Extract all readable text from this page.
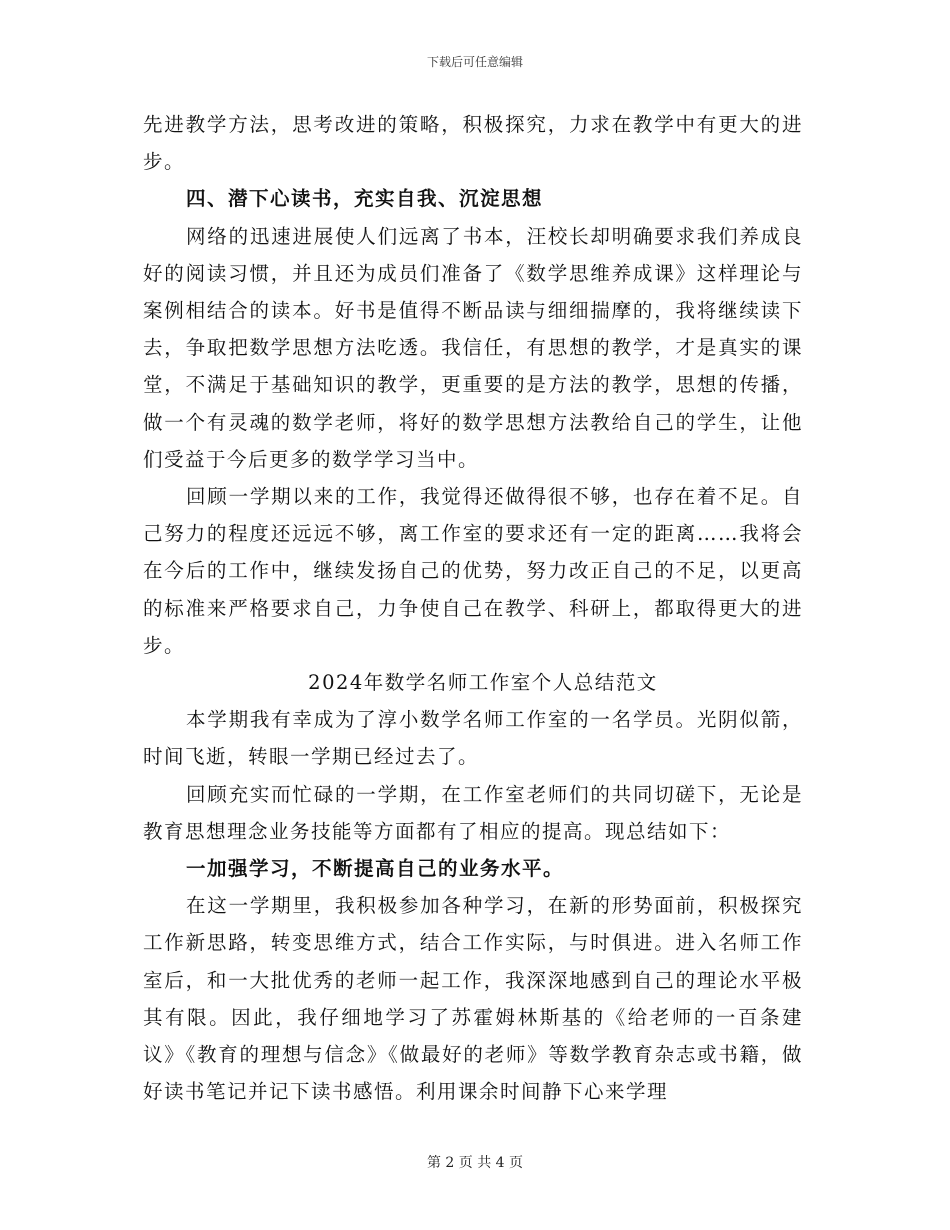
下载后可任意编辑

先进教学方法，思考改进的策略，积极探究，力求在教学中有更大的进步。

四、潜下心读书，充实自我、沉淀思想

网络的迅速进展使人们远离了书本，汪校长却明确要求我们养成良好的阅读习惯，并且还为成员们准备了《数学思维养成课》这样理论与案例相结合的读本。好书是值得不断品读与细细揣摩的，我将继续读下去，争取把数学思想方法吃透。我信任，有思想的教学，才是真实的课堂，不满足于基础知识的教学，更重要的是方法的教学，思想的传播，做一个有灵魂的数学老师，将好的数学思想方法教给自己的学生，让他们受益于今后更多的数学学习当中。

回顾一学期以来的工作，我觉得还做得很不够，也存在着不足。自己努力的程度还远远不够，离工作室的要求还有一定的距离……我将会在今后的工作中，继续发扬自己的优势，努力改正自己的不足，以更高的标准来严格要求自己，力争使自己在教学、科研上，都取得更大的进步。

2024年数学名师工作室个人总结范文

本学期我有幸成为了淳小数学名师工作室的一名学员。光阴似箭，时间飞逝，转眼一学期已经过去了。

回顾充实而忙碌的一学期，在工作室老师们的共同切磋下，无论是教育思想理念业务技能等方面都有了相应的提高。现总结如下：

一加强学习，不断提高自己的业务水平。

在这一学期里，我积极参加各种学习，在新的形势面前，积极探究工作新思路，转变思维方式，结合工作实际，与时俱进。进入名师工作室后，和一大批优秀的老师一起工作，我深深地感到自己的理论水平极其有限。因此，我仔细地学习了苏霍姆林斯基的《给老师的一百条建议》《教育的理想与信念》《做最好的老师》等数学教育杂志或书籍，做好读书笔记并记下读书感悟。利用课余时间静下心来学理

第 2 页 共 4 页
